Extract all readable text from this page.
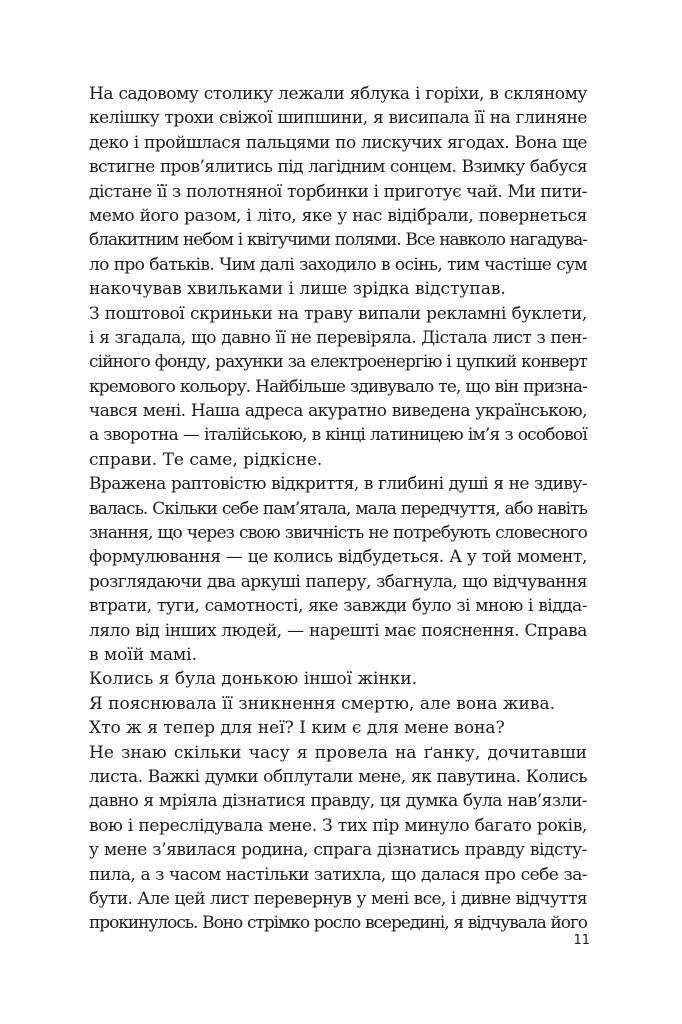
На садовому столику лежали яблука і горіхи, в скляному
келішку трохи свіжої шипшини, я висипала її на глиняне
деко і пройшлася пальцями по лискучих ягодах. Вона ще
встигне пров’ялитись під лагідним сонцем. Взимку бабуся
дістане її з полотняної торбинки і приготує чай. Ми пити-
мемо його разом, і літо, яке у нас відібрали, повернеться
блакитним небом і квітучими полями. Все навколо нагадува-
ло про батьків. Чим далі заходило в осінь, тим частіше сум
накочував хвильками і лише зрідка відступав.
З поштової скриньки на траву випали рекламні буклети,
і я згадала, що давно її не перевіряла. Дістала лист з пен-
сійного фонду, рахунки за електроенергію і цупкий конверт
кремового кольору. Найбільше здивувало те, що він призна-
чався мені. Наша адреса акуратно виведена українською,
а зворотна — італійською, в кінці латиницею ім’я з особової
справи. Те саме, рідкісне.
Вражена раптовістю відкриття, в глибині душі я не здиву-
валась. Скільки себе пам’ятала, мала передчуття, або навіть
знання, що через свою звичність не потребують словесного
формулювання — це колись відбудеться. А у той момент,
розглядаючи два аркуші паперу, збагнула, що відчування
втрати, туги, самотності, яке завжди було зі мною і відда-
ляло від інших людей, — нарешті має пояснення. Справа
в моїй мамі.
Колись я була донькою іншої жінки.
Я пояснювала її зникнення смертю, але вона жива.
Хто ж я тепер для неї? І ким є для мене вона?
Не знаю скільки часу я провела на ґанку, дочитавши
листа. Важкі думки обплутали мене, як павутина. Колись
давно я мріяла дізнатися правду, ця думка була нав’язли-
вою і переслідувала мене. З тих пір минуло багато років,
у мене з’явилася родина, спрага дізнатись правду відсту-
пила, а з часом настільки затихла, що далася про себе за-
бути. Але цей лист перевернув у мені все, і дивне відчуття
прокинулось. Воно стрімко росло всередині, я відчувала його
11
